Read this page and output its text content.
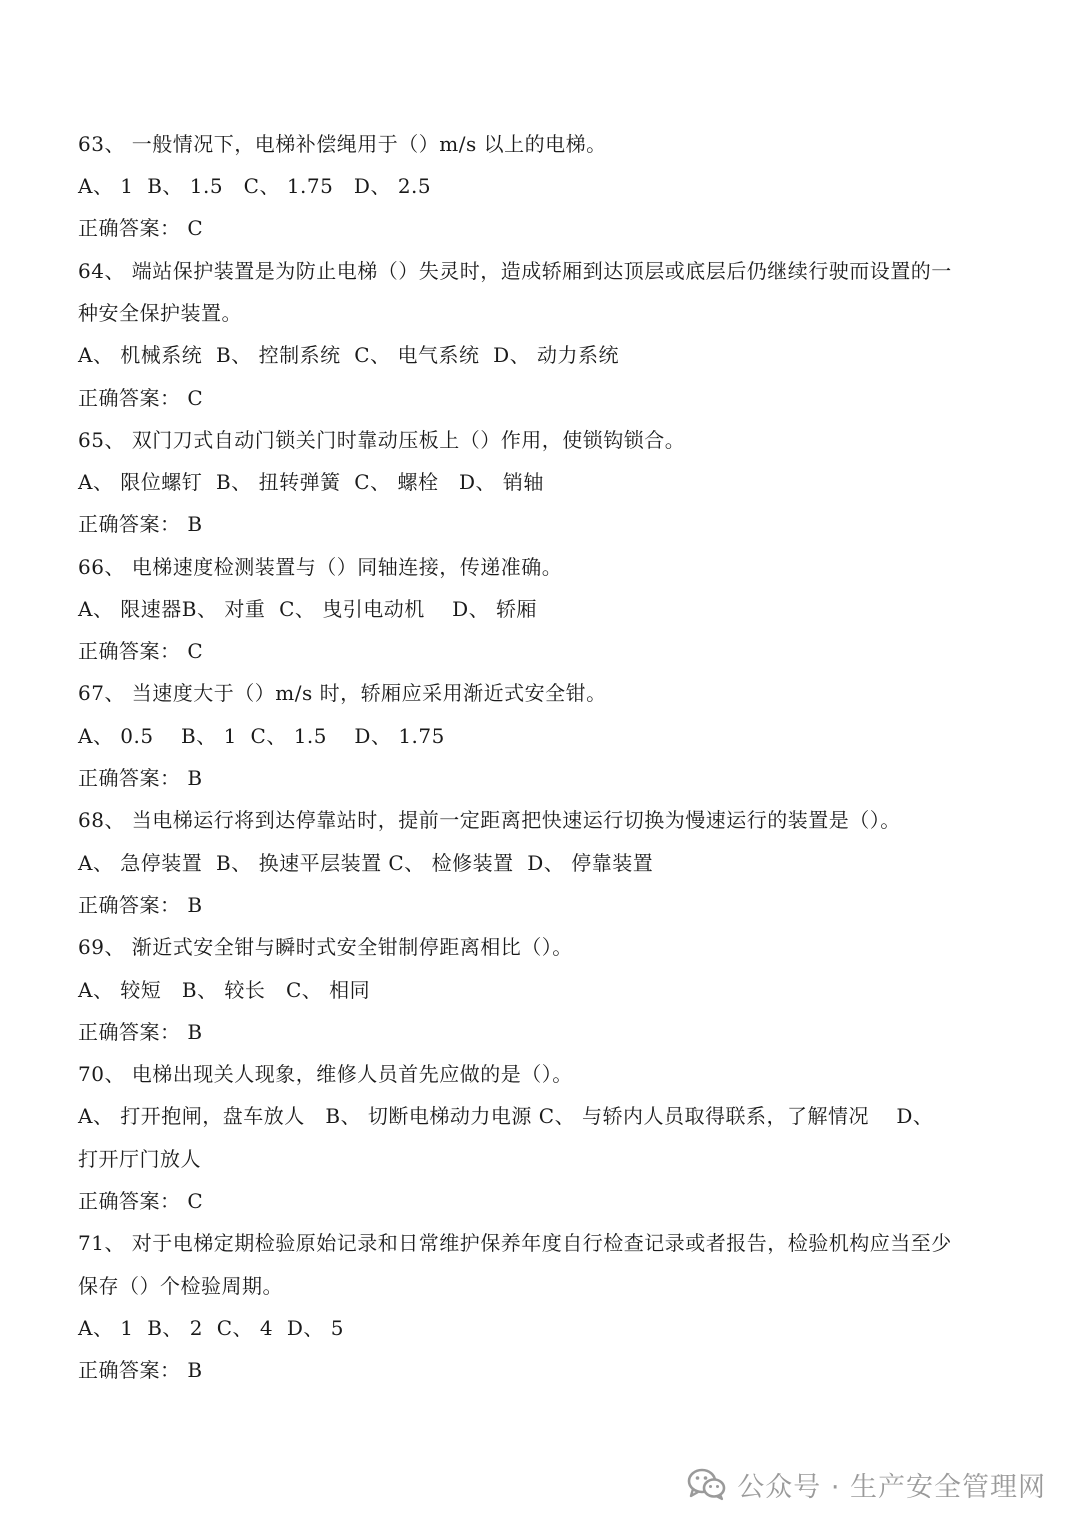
63、 一般情况下，电梯补偿绳用于（）m/s 以上的电梯。
A、 1  B、 1.5   C、 1.75   D、 2.5
正确答案： C
64、 端站保护装置是为防止电梯（）失灵时，造成轿厢到达顶层或底层后仍继续行驶而设置的一
种安全保护装置。
A、 机械系统  B、 控制系统  C、 电气系统  D、 动力系统
正确答案： C
65、 双门刀式自动门锁关门时靠动压板上（）作用，使锁钩锁合。
A、 限位螺钉  B、 扭转弹簧  C、 螺栓   D、 销轴
正确答案： B
66、 电梯速度检测装置与（）同轴连接，传递准确。
A、 限速器B、 对重  C、 曳引电动机    D、 轿厢
正确答案： C
67、 当速度大于（）m/s 时，轿厢应采用渐近式安全钳。
A、 0.5    B、 1  C、 1.5    D、 1.75
正确答案： B
68、 当电梯运行将到达停靠站时，提前一定距离把快速运行切换为慢速运行的装置是（）。
A、 急停装置  B、 换速平层装置 C、 检修装置  D、 停靠装置
正确答案： B
69、 渐近式安全钳与瞬时式安全钳制停距离相比（）。
A、 较短   B、 较长   C、 相同
正确答案： B
70、 电梯出现关人现象，维修人员首先应做的是（）。
A、 打开抱闸，盘车放人   B、 切断电梯动力电源 C、 与轿内人员取得联系，了解情况    D、
打开厅门放人
正确答案： C
71、 对于电梯定期检验原始记录和日常维护保养年度自行检查记录或者报告，检验机构应当至少
保存（）个检验周期。
A、 1  B、 2  C、 4  D、 5
正确答案： B
公众号 · 生产安全管理网
